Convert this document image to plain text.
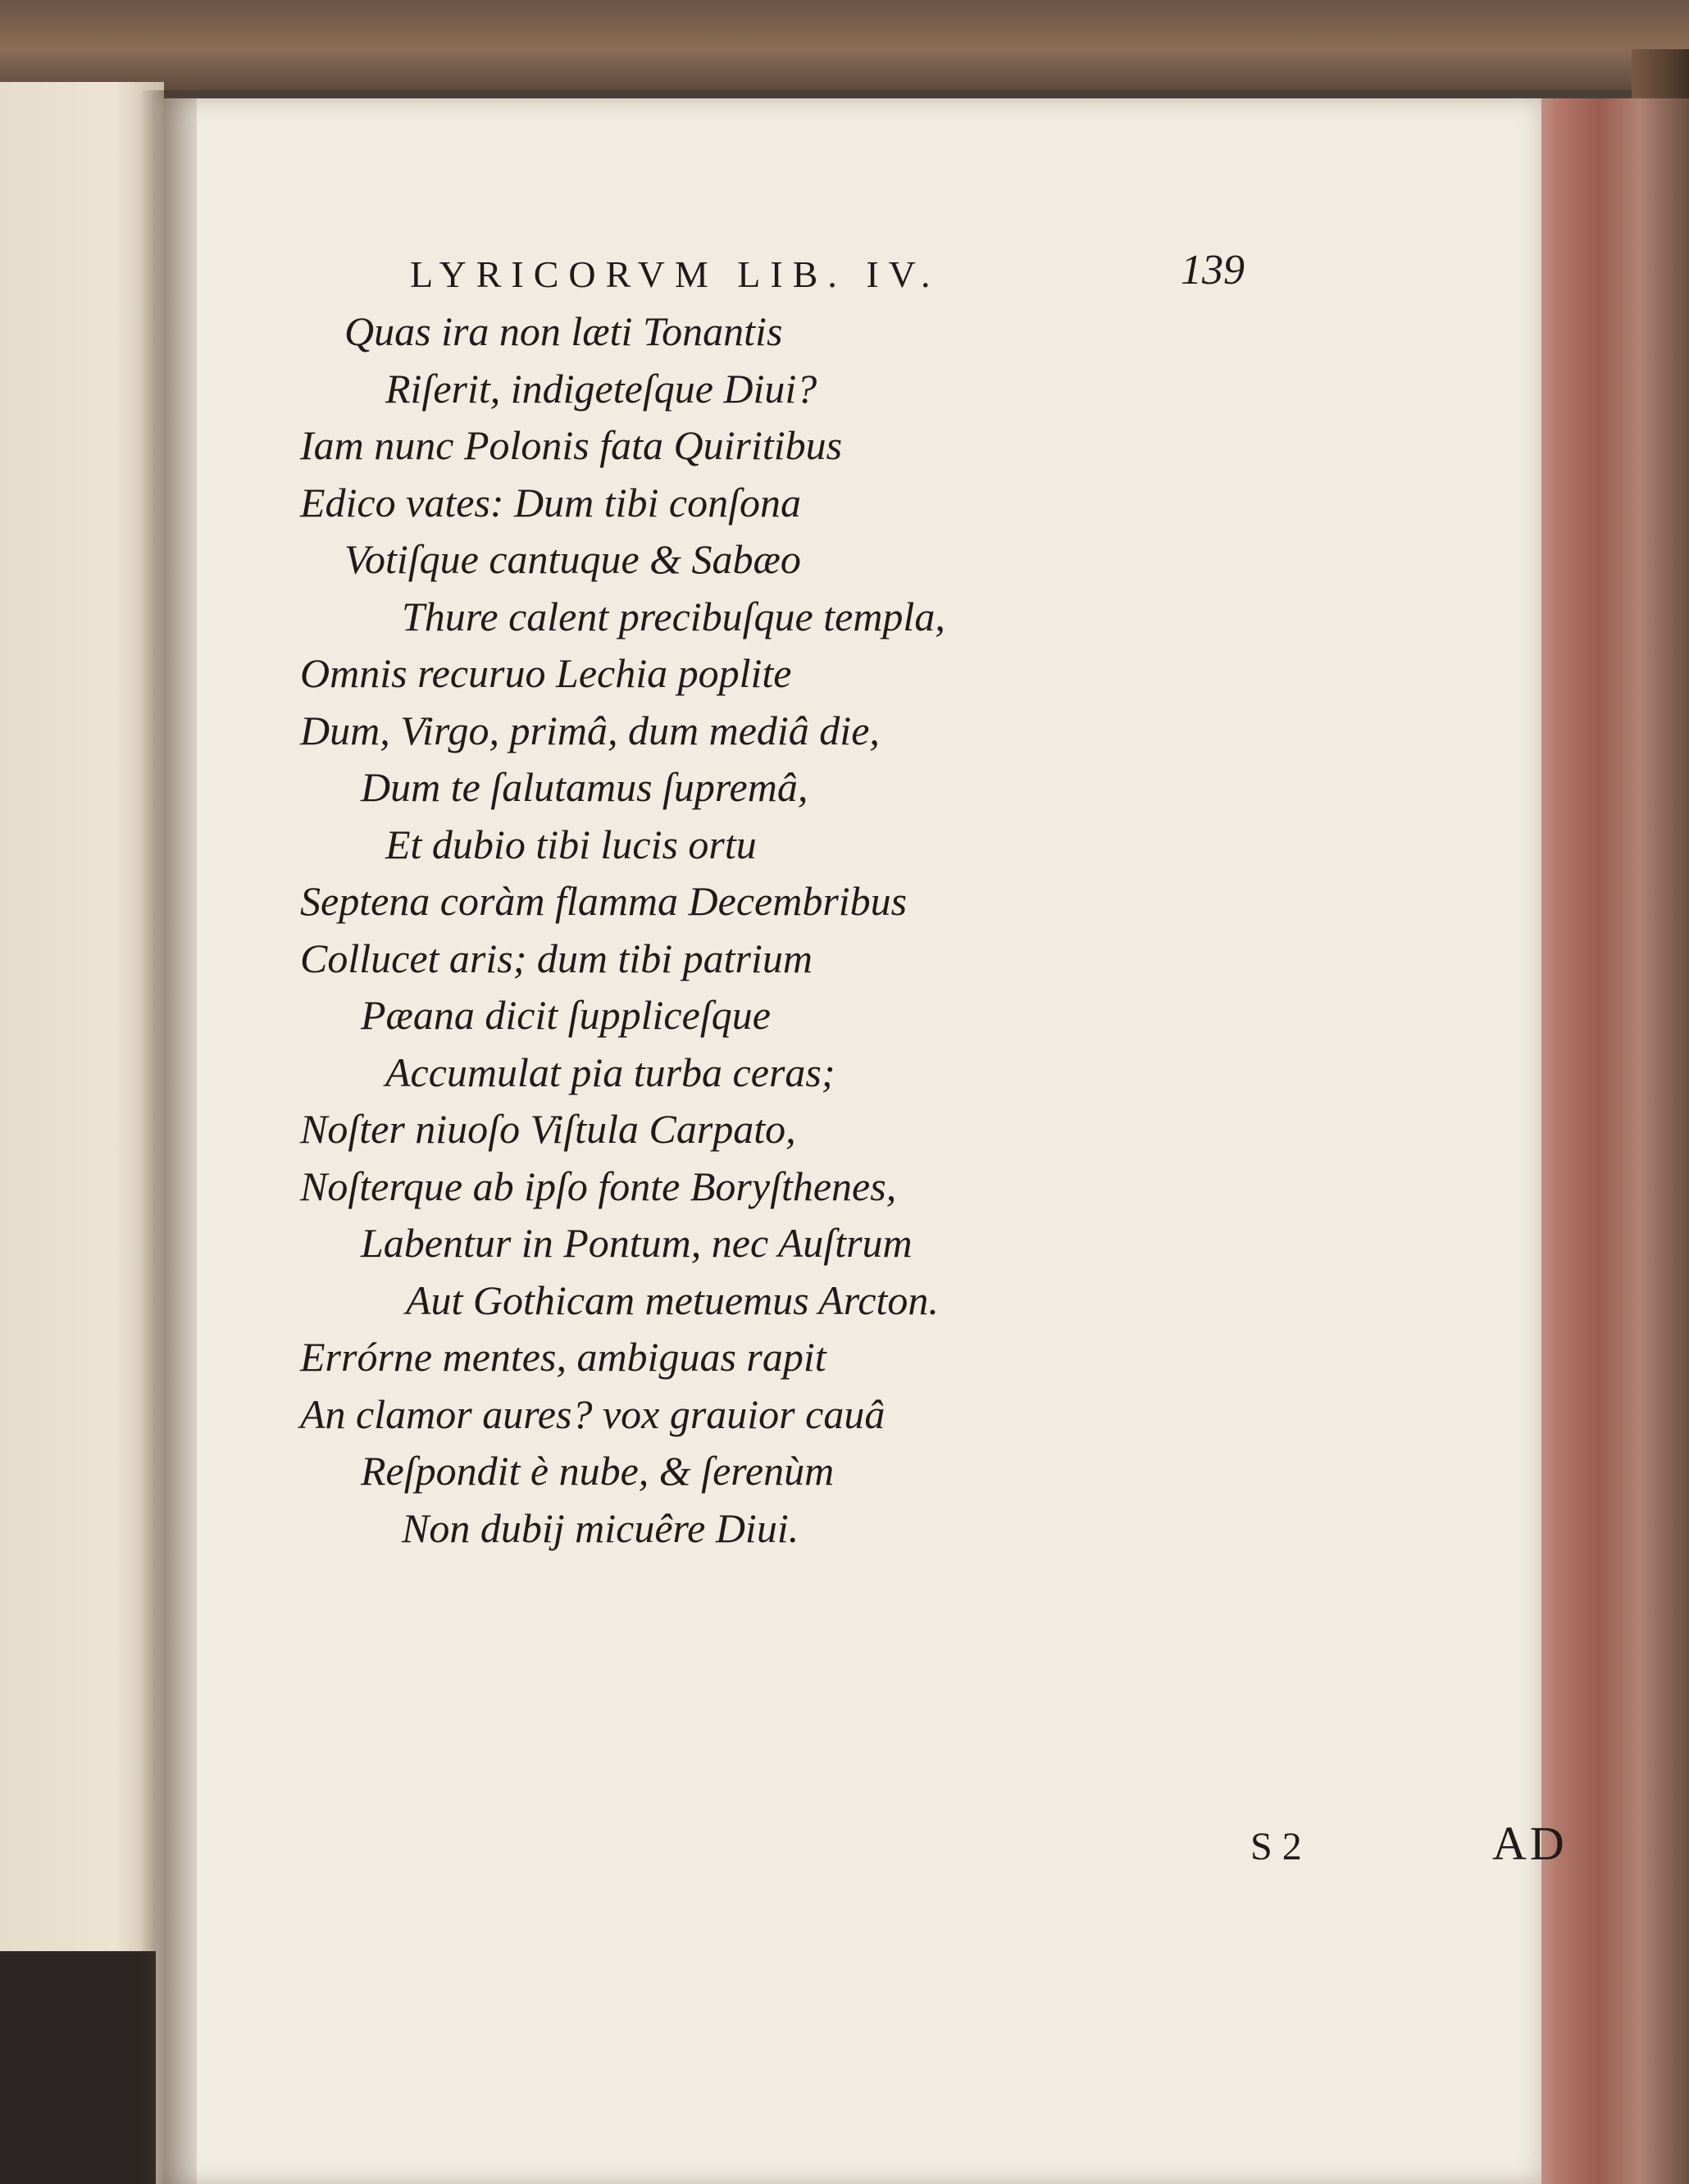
LYRICORVM LIB. IV.	139
Quas ira non læti Tonantis
Riſerit, indigeteſque Diui?
Iam nunc Polonis fata Quiritibus
Edico vates: Dum tibi conſona
Votiſque cantuque & Sabæo
Thure calent precibuſque templa,
Omnis recuruo Lechia poplite
Dum, Virgo, primâ, dum mediâ die,
Dum te ſalutamus ſupremâ,
Et dubio tibi lucis ortu
Septena coràm flamma Decembribus
Collucet aris; dum tibi patrium
Pæana dicit ſuppliceſque
Accumulat pia turba ceras;
Noſter niuoſo Viſtula Carpato,
Noſterque ab ipſo fonte Boryſthenes,
Labentur in Pontum, nec Auſtrum
Aut Gothicam metuemus Arcton.
Errórne mentes, ambiguas rapit
An clamor aures? vox grauior cauâ
Reſpondit è nube, & ſerenùm
Non dubij micuêre Diui.
S 2	AD
